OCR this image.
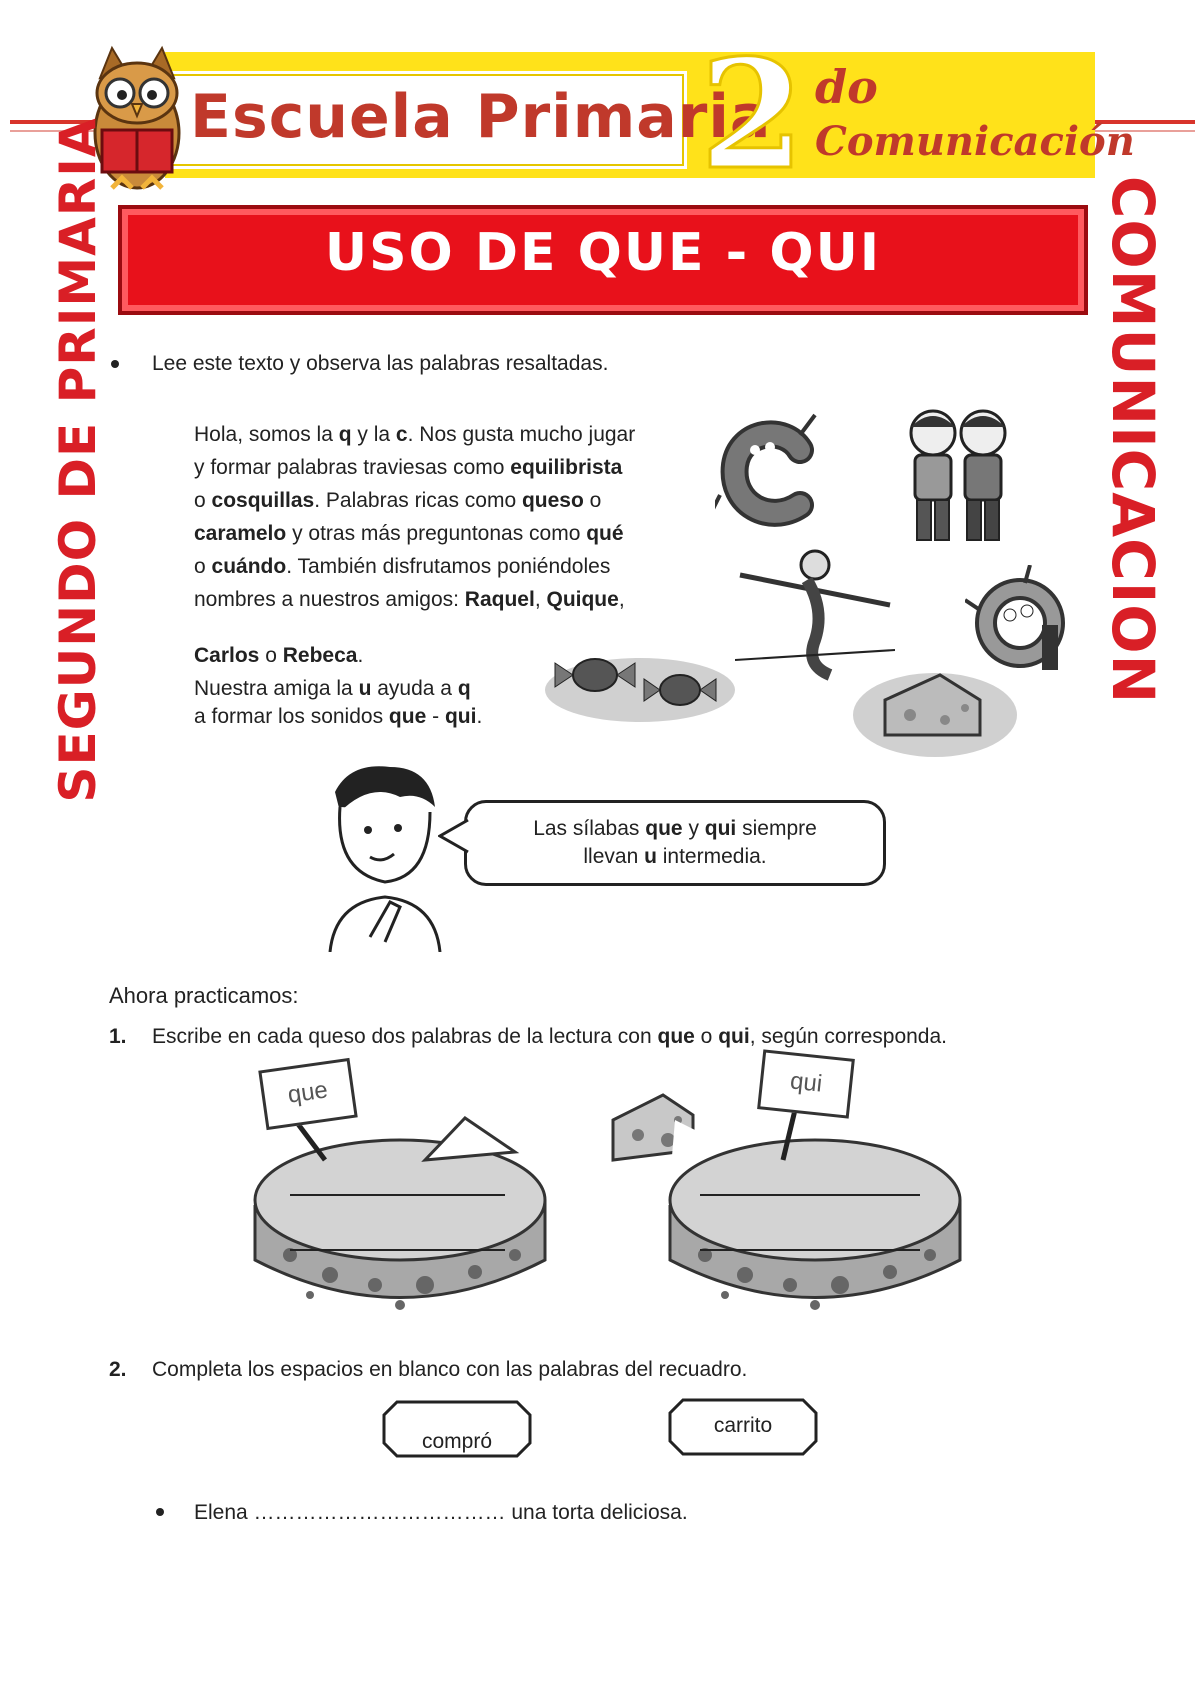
Escuela Primaria
2 do
Comunicación
SEGUNDO DE PRIMARIA	COMUNICACION
USO DE QUE - QUI
Lee este texto y observa las palabras resaltadas.
Hola, somos la q y la c. Nos gusta mucho jugar
y formar palabras traviesas como equilibrista
o cosquillas. Palabras ricas como queso o
caramelo y otras más preguntonas como qué
o cuándo. También disfrutamos poniéndoles
nombres a nuestros amigos: Raquel, Quique,
Carlos o Rebeca.
Nuestra amiga la u ayuda a q
a formar los sonidos que - qui.
Las sílabas que y qui siempre
llevan u intermedia.
Ahora practicamos:
1. Escribe en cada queso dos palabras de la lectura con que o qui, según corresponda.
que	qui
2. Completa los espacios en blanco con las palabras del recuadro.
compró
carrito
Elena ……………………………… una torta deliciosa.
